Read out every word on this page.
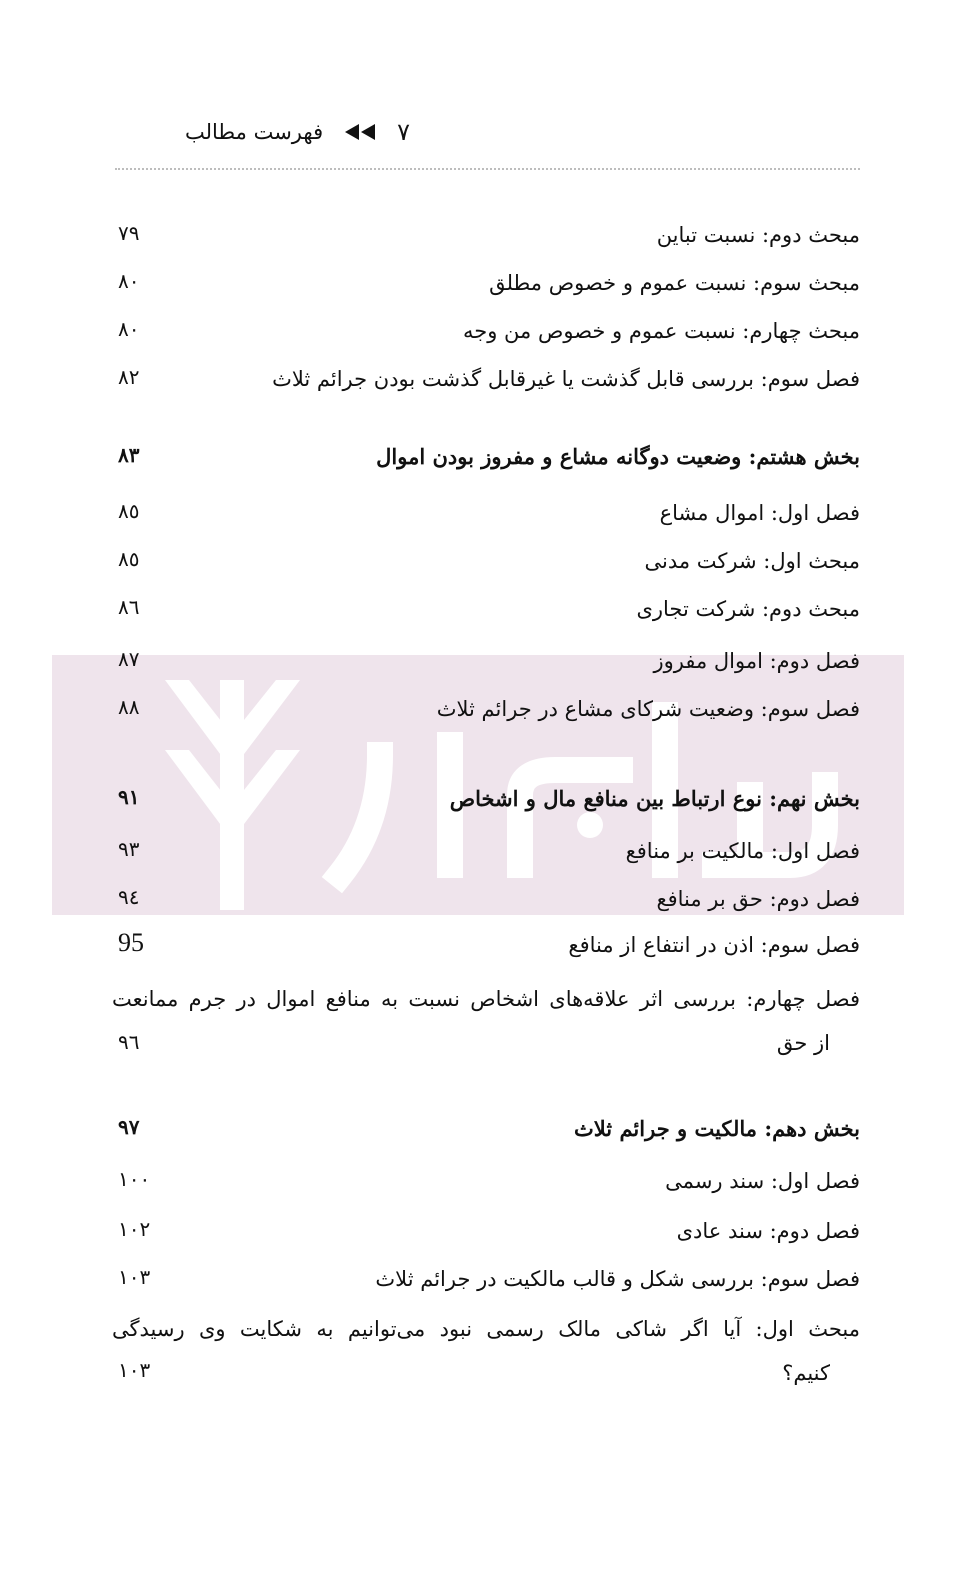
فهرست مطالب	٧
مبحث دوم: نسبت تباین
٧٩
مبحث سوم: نسبت عموم و خصوص مطلق
٨٠
مبحث چهارم: نسبت عموم و خصوص من وجه
٨٠
فصل سوم: بررسی قابل گذشت یا غیرقابل گذشت بودن جرائم ثلاث
٨٢
بخش هشتم: وضعیت دوگانه مشاع و مفروز بودن اموال
٨٣
فصل اول: اموال مشاع
٨٥
مبحث اول: شرکت مدنی
٨٥
مبحث دوم: شرکت تجاری
٨٦
فصل دوم: اموال مفروز
٨٧
فصل سوم: وضعیت شرکای مشاع در جرائم ثلاث
٨٨
بخش نهم: نوع ارتباط بین منافع مال و اشخاص
٩١
فصل اول: مالکیت بر منافع
٩٣
فصل دوم: حق بر منافع
٩٤
فصل سوم: اذن در انتفاع از منافع
95
فصل چهارم: بررسی اثر علاقه‌های اشخاص نسبت به منافع اموال در جرم ممانعت
از حق
٩٦
بخش دهم: مالکیت و جرائم ثلاث
٩٧
فصل اول: سند رسمی
١٠٠
فصل دوم: سند عادی
١٠٢
فصل سوم: بررسی شکل و قالب مالکیت در جرائم ثلاث
١٠٣
مبحث اول: آیا اگر شاکی مالک رسمی نبود می‌توانیم به شکایت وی رسیدگی
کنیم؟
١٠٣
